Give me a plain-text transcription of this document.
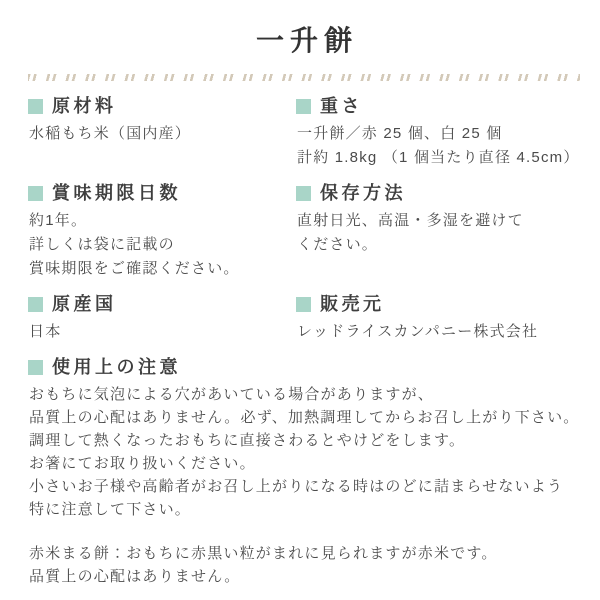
一升餅
原材料
水稲もち米（国内産）
重さ
一升餅／赤 25 個、白 25 個
計約 1.8kg （1 個当たり直径 4.5cm）
賞味期限日数
約1年。
詳しくは袋に記載の
賞味期限をご確認ください。
保存方法
直射日光、高温・多湿を避けて
ください。
原産国
日本
販売元
レッドライスカンパニー株式会社
使用上の注意
おもちに気泡による穴があいている場合がありますが、
品質上の心配はありません。必ず、加熱調理してからお召し上がり下さい。
調理して熱くなったおもちに直接さわるとやけどをします。
お箸にてお取り扱いください。
小さいお子様や高齢者がお召し上がりになる時はのどに詰まらせないよう
特に注意して下さい。
赤米まる餅：おもちに赤黒い粒がまれに見られますが赤米です。
品質上の心配はありません。
